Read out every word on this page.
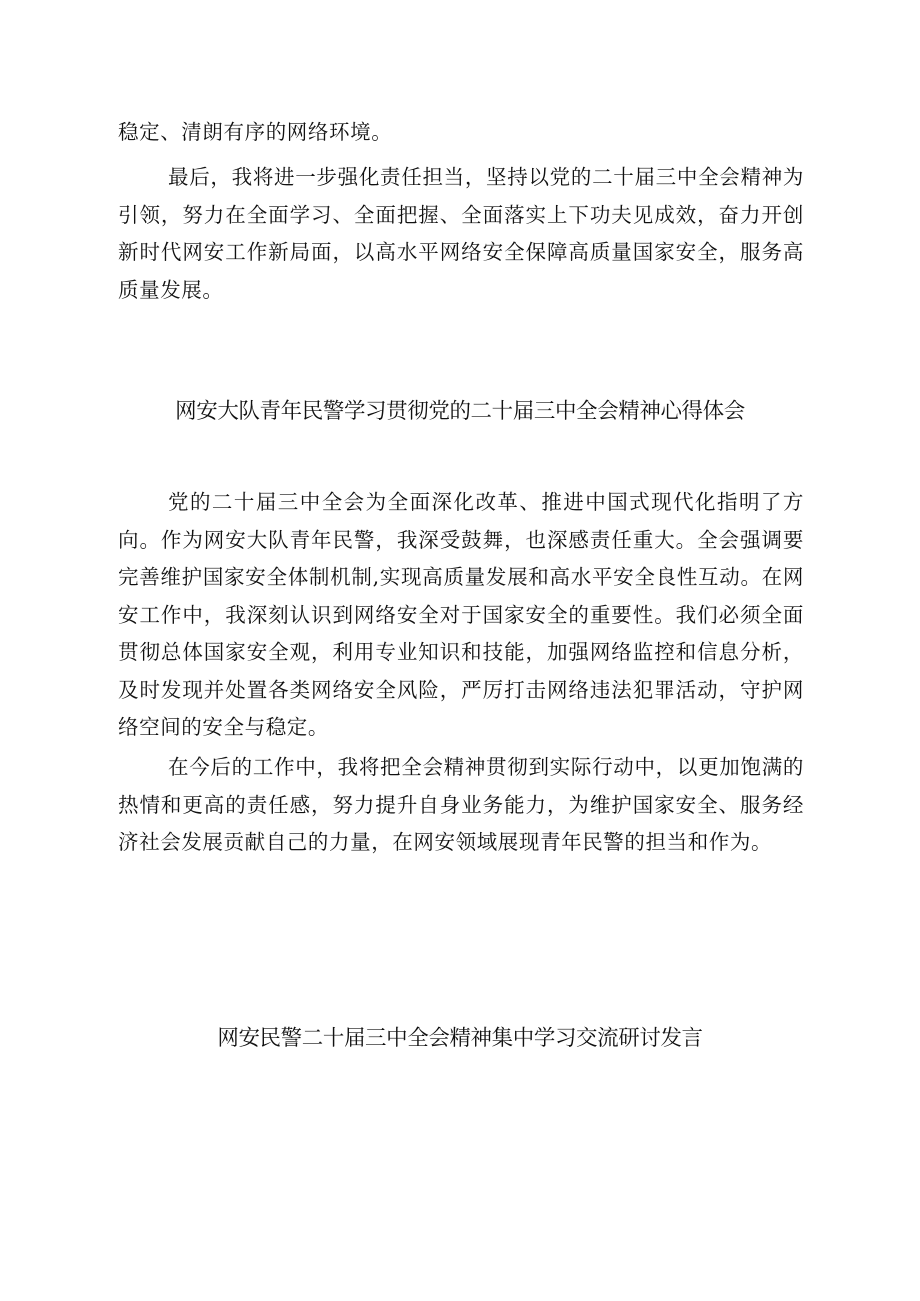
稳定、清朗有序的网络环境。

最后，我将进一步强化责任担当，坚持以党的二十届三中全会精神为引领，努力在全面学习、全面把握、全面落实上下功夫见成效，奋力开创新时代网安工作新局面，以高水平网络安全保障高质量国家安全，服务高质量发展。

网安大队青年民警学习贯彻党的二十届三中全会精神心得体会

党的二十届三中全会为全面深化改革、推进中国式现代化指明了方向。作为网安大队青年民警，我深受鼓舞，也深感责任重大。全会强调要完善维护国家安全体制机制,实现高质量发展和高水平安全良性互动。在网安工作中，我深刻认识到网络安全对于国家安全的重要性。我们必须全面贯彻总体国家安全观，利用专业知识和技能，加强网络监控和信息分析，及时发现并处置各类网络安全风险，严厉打击网络违法犯罪活动，守护网络空间的安全与稳定。

在今后的工作中，我将把全会精神贯彻到实际行动中，以更加饱满的热情和更高的责任感，努力提升自身业务能力，为维护国家安全、服务经济社会发展贡献自己的力量，在网安领域展现青年民警的担当和作为。

网安民警二十届三中全会精神集中学习交流研讨发言
